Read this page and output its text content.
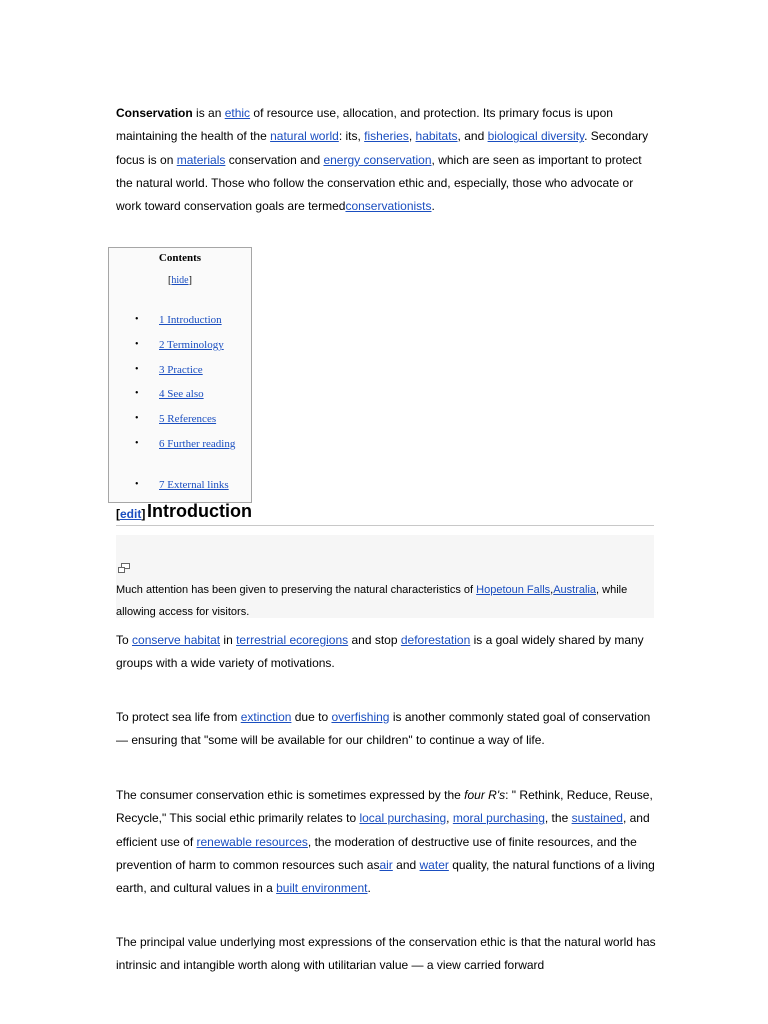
Conservation is an ethic of resource use, allocation, and protection. Its primary focus is upon maintaining the health of the natural world: its, fisheries, habitats, and biological diversity. Secondary focus is on materials conservation and energy conservation, which are seen as important to protect the natural world. Those who follow the conservation ethic and, especially, those who advocate or work toward conservation goals are termedconservationists.

Contents
[hide]
• 1 Introduction
• 2 Terminology
• 3 Practice
• 4 See also
• 5 References
• 6 Further reading
• 7 External links
[edit] Introduction
Much attention has been given to preserving the natural characteristics of Hopetoun Falls,Australia, while allowing access for visitors.
To conserve habitat in terrestrial ecoregions and stop deforestation is a goal widely shared by many groups with a wide variety of motivations.
To protect sea life from extinction due to overfishing is another commonly stated goal of conservation — ensuring that "some will be available for our children" to continue a way of life.
The consumer conservation ethic is sometimes expressed by the four R's: " Rethink, Reduce, Reuse, Recycle," This social ethic primarily relates to local purchasing, moral purchasing, the sustained, and efficient use of renewable resources, the moderation of destructive use of finite resources, and the prevention of harm to common resources such asair and water quality, the natural functions of a living earth, and cultural values in a built environment.
The principal value underlying most expressions of the conservation ethic is that the natural world has intrinsic and intangible worth along with utilitarian value — a view carried forward
